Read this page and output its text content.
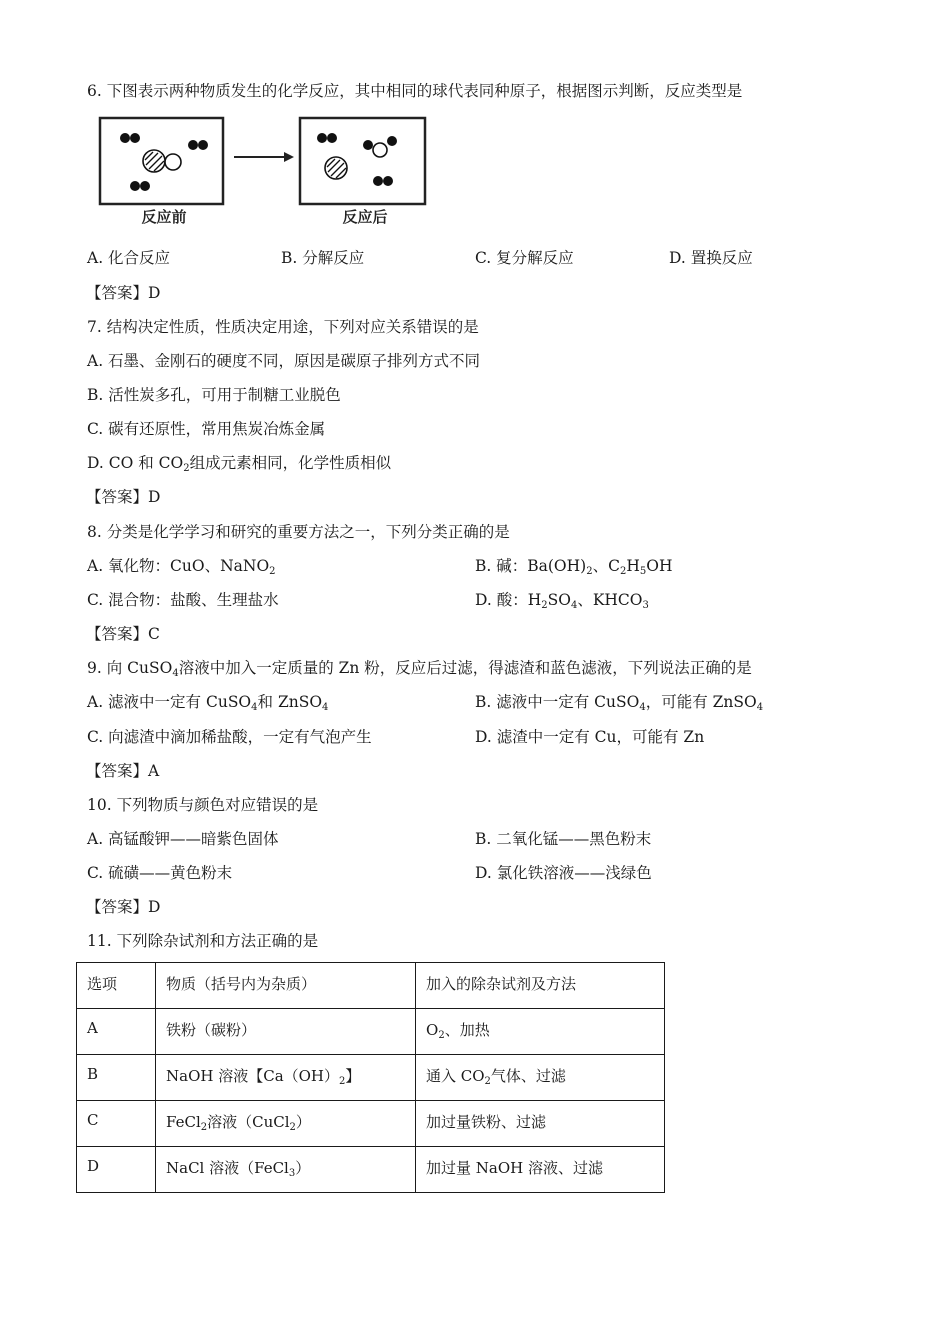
6. 下图表示两种物质发生的化学反应，其中相同的球代表同种原子，根据图示判断，反应类型是
反应前	反应后
A. 化合反应	B. 分解反应	C. 复分解反应	D. 置换反应
【答案】D
7. 结构决定性质，性质决定用途，下列对应关系错误的是
A. 石墨、金刚石的硬度不同，原因是碳原子排列方式不同
B. 活性炭多孔，可用于制糖工业脱色
C. 碳有还原性，常用焦炭冶炼金属
D. CO 和 $CO_2$组成元素相同，化学性质相似
【答案】D
8. 分类是化学学习和研究的重要方法之一，下列分类正确的是
A. 氧化物：CuO、NaNO$_2$	B. 碱：$Ba(OH)_2$、$C_2H_5OH$
C. 混合物：盐酸、生理盐水	D. 酸：$H_2SO_4$、$KHCO_3$
【答案】C
9. 向 CuSO$_4$溶液中加入一定质量的 Zn 粉，反应后过滤，得滤渣和蓝色滤液，下列说法正确的是
A. 滤液中一定有 CuSO$_4$和 ZnSO$_4$	B. 滤液中一定有 CuSO$_4$，可能有 ZnSO$_4$
C. 向滤渣中滴加稀盐酸，一定有气泡产生	D. 滤渣中一定有 Cu，可能有 Zn
【答案】A
10. 下列物质与颜色对应错误的是
A. 高锰酸钾——暗紫色固体	B. 二氧化锰——黑色粉末
C. 硫磺——黄色粉末	D. 氯化铁溶液——浅绿色
【答案】D
11. 下列除杂试剂和方法正确的是
选项	物质（括号内为杂质）	加入的除杂试剂及方法
A	铁粉（碳粉）	$O_2$、加热
B	NaOH 溶液【$Ca(OH)_2$】	通入 $CO_2$气体、过滤
C	FeCl$_2$溶液（CuCl$_2$）	加过量铁粉、过滤
D	NaCl 溶液（FeCl$_3$）	加过量 NaOH 溶液、过滤
